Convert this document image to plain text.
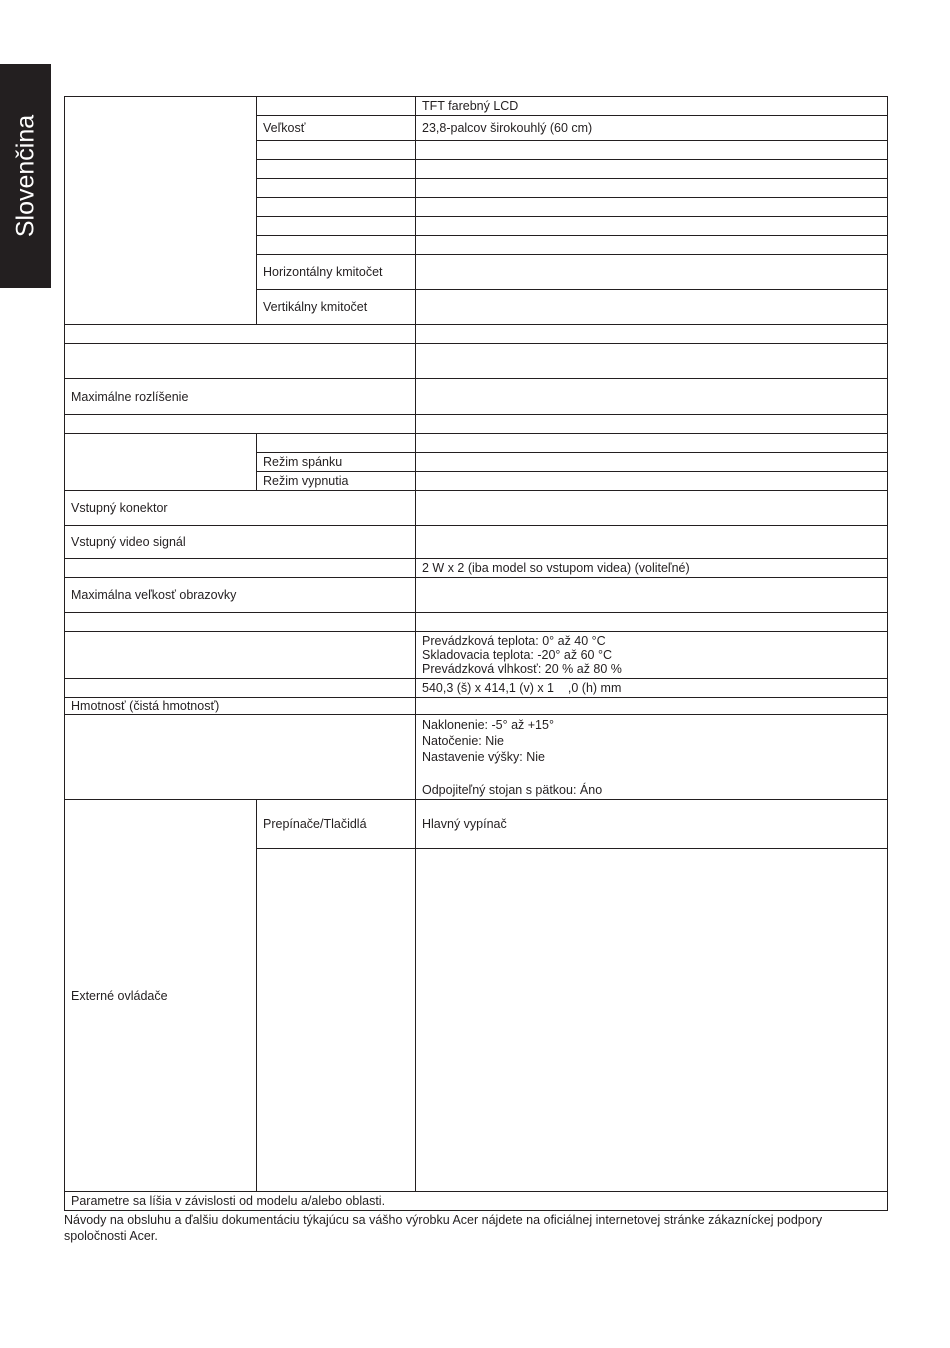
Slovenčina
		TFT farebný LCD
	Veľkosť	23,8-palcov širokouhlý (60 cm)

	Horizontálny kmitočet	
	Vertikálny kmitočet	

Maximálne rozlíšenie		

	Režim spánku	
	Režim vypnutia	
Vstupný konektor		
Vstupný video signál		
		2 W x 2 (iba model so vstupom videa) (voliteľné)
Maximálna veľkosť obrazovky		

		Prevádzková teplota: 0° až 40 °C
Skladovacia teplota: -20° až 60 °C
Prevádzková vlhkosť: 20 % až 80 %

		540,3 (š) x 414,1 (v) x 1    ,0 (h) mm
Hmotnosť (čistá hmotnosť)		

		Naklonenie: -5° až +15°
Natočenie: Nie
Nastavenie výšky: Nie
Odpojiteľný stojan s pätkou: Áno

Externé ovládače	Prepínače/Tlačidlá	Hlavný vypínač

Parametre sa líšia v závislosti od modelu a/alebo oblasti.		
Návody na obsluhu a ďalšiu dokumentáciu týkajúcu sa vášho výrobku Acer nájdete na oficiálnej internetovej stránke zákazníckej podpory spoločnosti Acer.
